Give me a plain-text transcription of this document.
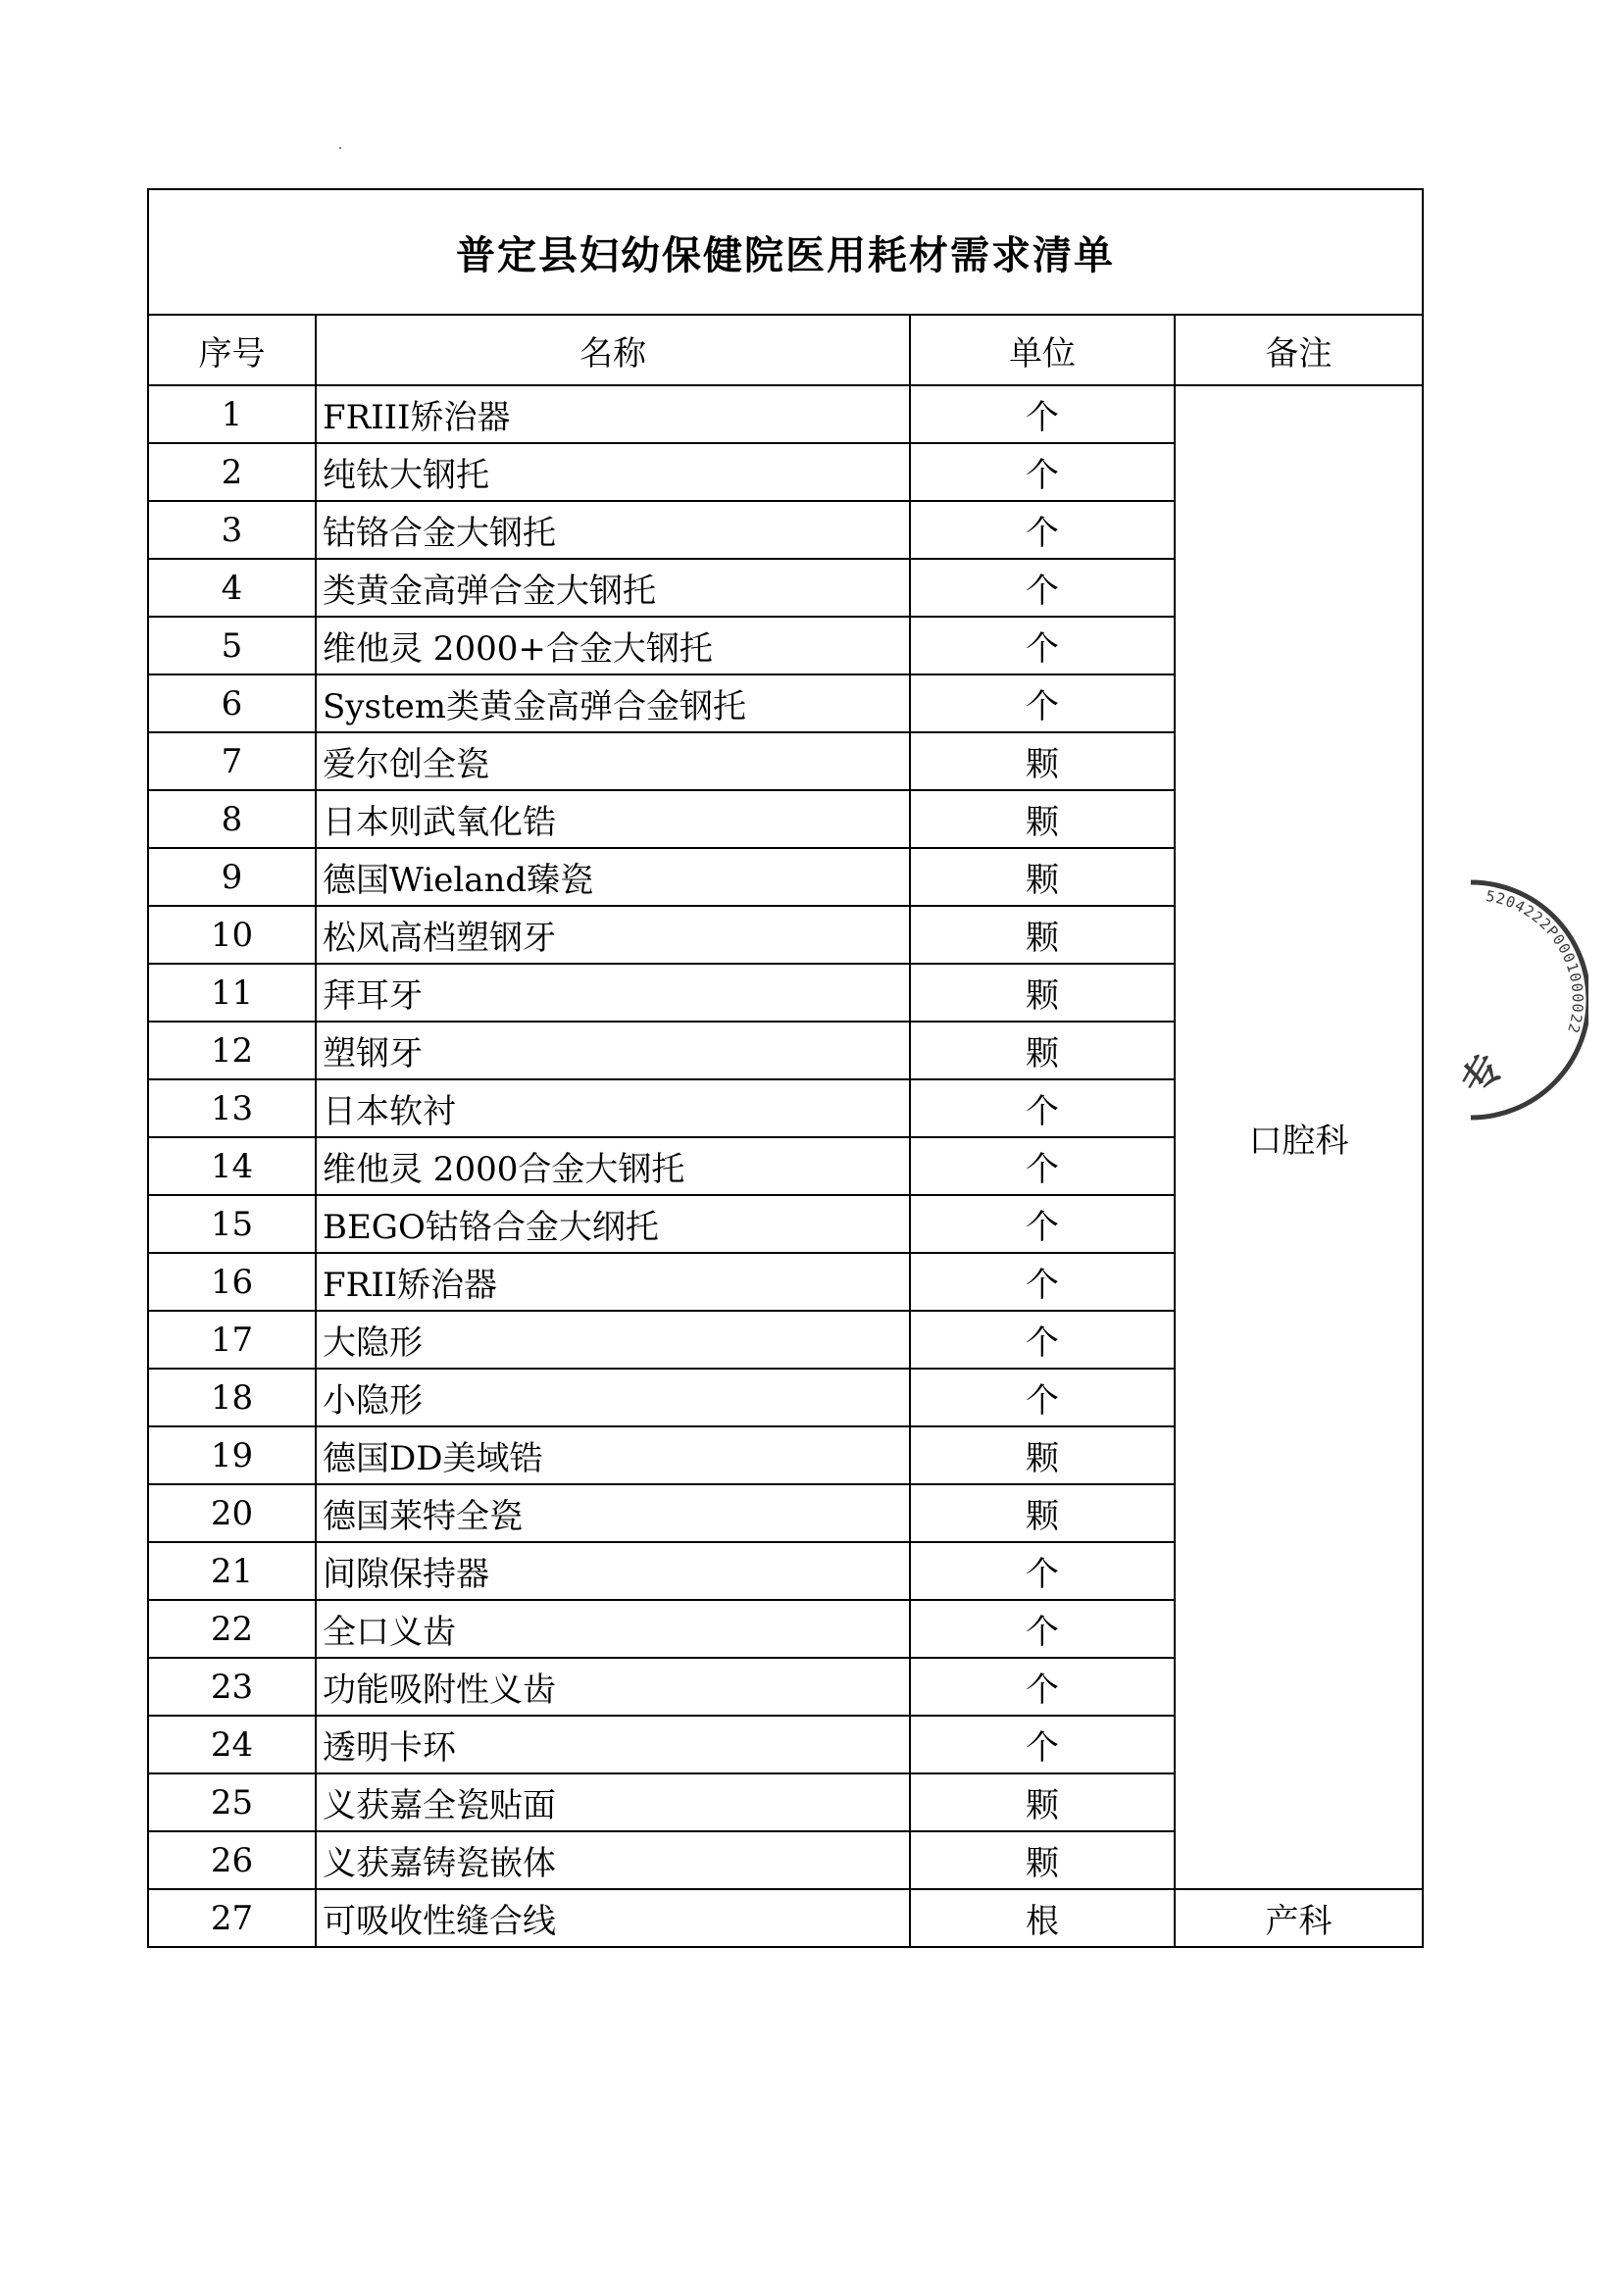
普定县妇幼保健院医用耗材需求清单			
序号	名称	单位	备注
1	FRIII矫治器	个	口腔科
2	纯钛大钢托	个	
3	钴铬合金大钢托	个	
4	类黄金高弹合金大钢托	个	
5	维他灵 2000+合金大钢托	个	
6	System类黄金高弹合金钢托	个	
7	爱尔创全瓷	颗	
8	日本则武氧化锆	颗	
9	德国Wieland臻瓷	颗	
10	松风高档塑钢牙	颗	
11	拜耳牙	颗	
12	塑钢牙	颗	
13	日本软衬	个	
14	维他灵 2000合金大钢托	个	
15	BEGO钴铬合金大纲托	个	
16	FRII矫治器	个	
17	大隐形	个	
18	小隐形	个	
19	德国DD美域锆	颗	
20	德国莱特全瓷	颗	
21	间隙保持器	个	
22	全口义齿	个	
23	功能吸附性义齿	个	
24	透明卡环	个	
25	义获嘉全瓷贴面	颗	
26	义获嘉铸瓷嵌体	颗	
27	可吸收性缝合线	根	产科
5204222P0001000022
专
